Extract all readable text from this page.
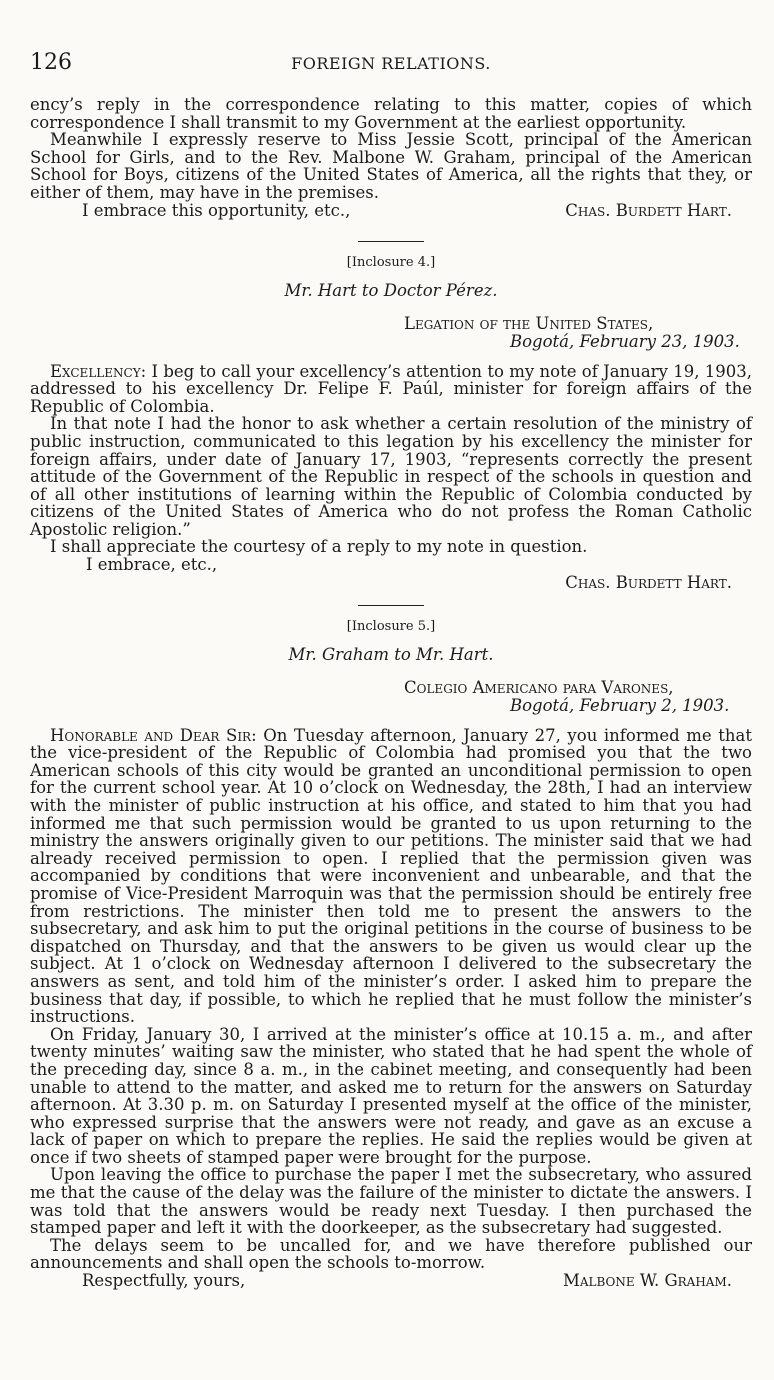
126	FOREIGN RELATIONS.

ency’s reply in the correspondence relating to this matter, copies of which correspondence I shall transmit to my Government at the earliest opportunity.

Meanwhile I expressly reserve to Miss Jessie Scott, principal of the American School for Girls, and to the Rev. Malbone W. Graham, principal of the American School for Boys, citizens of the United States of America, all the rights that they, or either of them, may have in the premises.

I embrace this opportunity, etc.,	Chas. Burdett Hart.
[Inclosure 4.]
Mr. Hart to Doctor Pérez.
Legation of the United States,
Bogotá, February 23, 1903.

Excellency: I beg to call your excellency’s attention to my note of January 19, 1903, addressed to his excellency Dr. Felipe F. Paúl, minister for foreign affairs of the Republic of Colombia.

In that note I had the honor to ask whether a certain resolution of the ministry of public instruction, communicated to this legation by his excellency the minister for foreign affairs, under date of January 17, 1903, “represents correctly the present attitude of the Government of the Republic in respect of the schools in question and of all other institutions of learning within the Republic of Colombia conducted by citizens of the United States of America who do not profess the Roman Catholic Apostolic religion.”

I shall appreciate the courtesy of a reply to my note in question.

I embrace, etc.,

Chas. Burdett Hart.
[Inclosure 5.]
Mr. Graham to Mr. Hart.
Colegio Americano para Varones,
Bogotá, February 2, 1903.

Honorable and Dear Sir: On Tuesday afternoon, January 27, you informed me that the vice-president of the Republic of Colombia had promised you that the two American schools of this city would be granted an unconditional permission to open for the current school year. At 10 o’clock on Wednesday, the 28th, I had an interview with the minister of public instruction at his office, and stated to him that you had informed me that such permission would be granted to us upon returning to the ministry the answers originally given to our petitions. The minister said that we had already received permission to open. I replied that the permission given was accompanied by conditions that were inconvenient and unbearable, and that the promise of Vice-President Marroquin was that the permission should be entirely free from restrictions. The minister then told me to present the answers to the subsecretary, and ask him to put the original petitions in the course of business to be dispatched on Thursday, and that the answers to be given us would clear up the subject. At 1 o’clock on Wednesday afternoon I delivered to the subsecretary the answers as sent, and told him of the minister’s order. I asked him to prepare the business that day, if possible, to which he replied that he must follow the minister’s instructions.

On Friday, January 30, I arrived at the minister’s office at 10.15 a. m., and after twenty minutes’ waiting saw the minister, who stated that he had spent the whole of the preceding day, since 8 a. m., in the cabinet meeting, and consequently had been unable to attend to the matter, and asked me to return for the answers on Saturday afternoon. At 3.30 p. m. on Saturday I presented myself at the office of the minister, who expressed surprise that the answers were not ready, and gave as an excuse a lack of paper on which to prepare the replies. He said the replies would be given at once if two sheets of stamped paper were brought for the purpose.

Upon leaving the office to purchase the paper I met the subsecretary, who assured me that the cause of the delay was the failure of the minister to dictate the answers. I was told that the answers would be ready next Tuesday. I then purchased the stamped paper and left it with the doorkeeper, as the subsecretary had suggested.

The delays seem to be uncalled for, and we have therefore published our announcements and shall open the schools to-morrow.

Respectfully, yours,	Malbone W. Graham.
